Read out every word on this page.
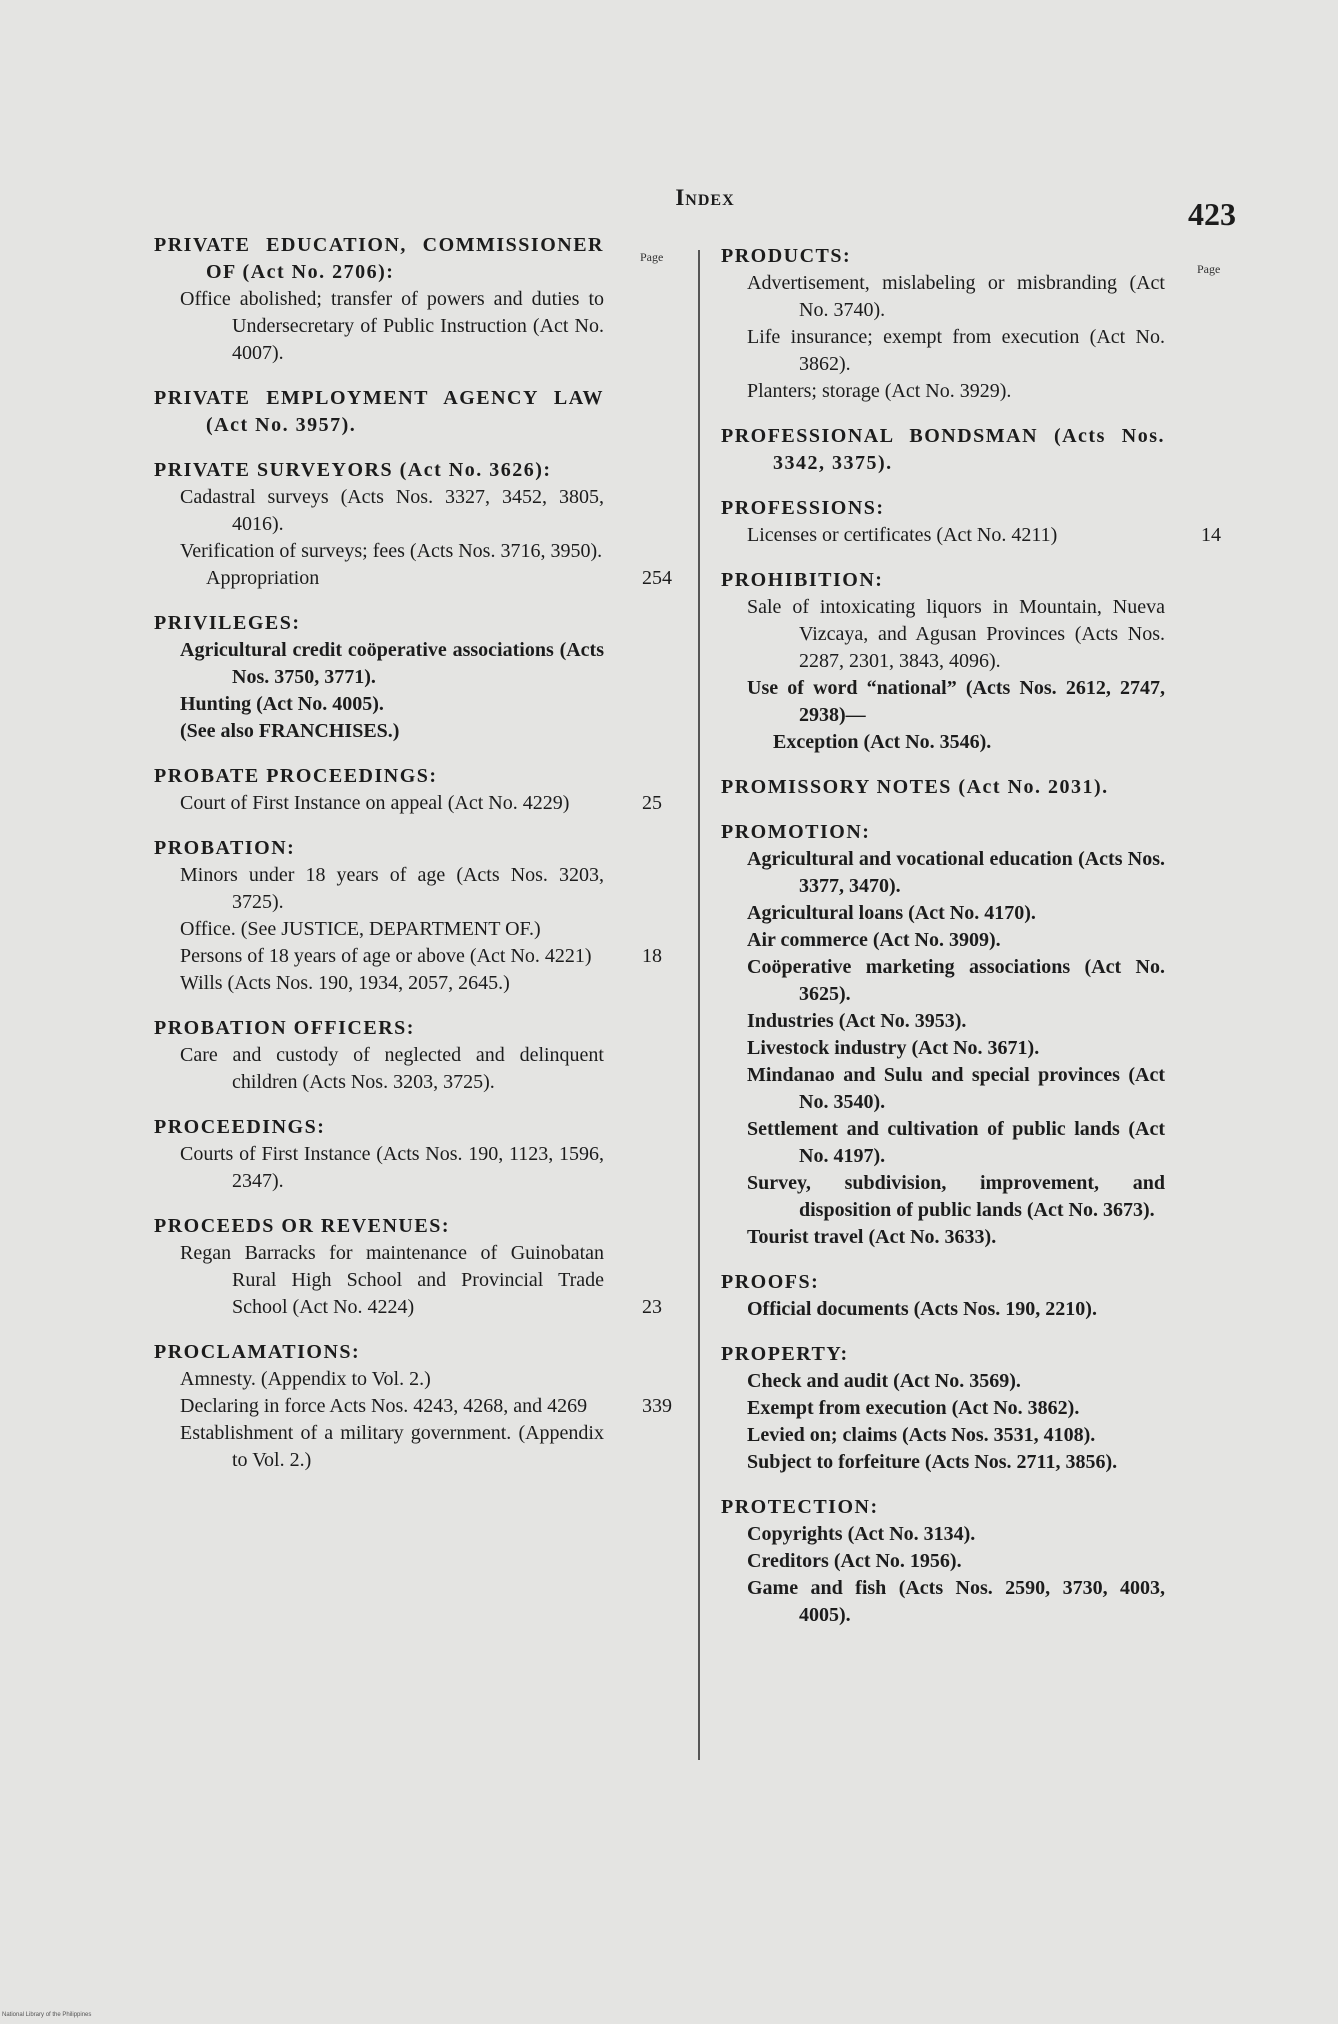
Index	423
Page
Page
PRIVATE EDUCATION, COMMISSIONER OF (Act No. 2706):
Office abolished; transfer of powers and duties to Undersecretary of Public Instruction (Act No. 4007).
PRIVATE EMPLOYMENT AGENCY LAW (Act No. 3957).
PRIVATE SURVEYORS (Act No. 3626):
Cadastral surveys (Acts Nos. 3327, 3452, 3805, 4016).
Verification of surveys; fees (Acts Nos. 3716, 3950).
Appropriation	254
PRIVILEGES:
Agricultural credit coöperative associations (Acts Nos. 3750, 3771).
Hunting (Act No. 4005).
(See also FRANCHISES.)
PROBATE PROCEEDINGS:
Court of First Instance on appeal (Act No. 4229)	25
PROBATION:
Minors under 18 years of age (Acts Nos. 3203, 3725).
Office. (See JUSTICE, DEPARTMENT OF.)
Persons of 18 years of age or above (Act No. 4221)	18
Wills (Acts Nos. 190, 1934, 2057, 2645.)
PROBATION OFFICERS:
Care and custody of neglected and delinquent children (Acts Nos. 3203, 3725).
PROCEEDINGS:
Courts of First Instance (Acts Nos. 190, 1123, 1596, 2347).
PROCEEDS OR REVENUES:
Regan Barracks for maintenance of Guinobatan Rural High School and Provincial Trade School (Act No. 4224)	23
PROCLAMATIONS:
Amnesty. (Appendix to Vol. 2.)
Declaring in force Acts Nos. 4243, 4268, and 4269	339
Establishment of a military government. (Appendix to Vol. 2.)
PRODUCTS:
Advertisement, mislabeling or misbranding (Act No. 3740).
Life insurance; exempt from execution (Act No. 3862).
Planters; storage (Act No. 3929).
PROFESSIONAL BONDSMAN (Acts Nos. 3342, 3375).
PROFESSIONS:
Licenses or certificates (Act No. 4211)	14
PROHIBITION:
Sale of intoxicating liquors in Mountain, Nueva Vizcaya, and Agusan Provinces (Acts Nos. 2287, 2301, 3843, 4096).
Use of word “national” (Acts Nos. 2612, 2747, 2938)—
Exception (Act No. 3546).
PROMISSORY NOTES (Act No. 2031).
PROMOTION:
Agricultural and vocational education (Acts Nos. 3377, 3470).
Agricultural loans (Act No. 4170).
Air commerce (Act No. 3909).
Coöperative marketing associations (Act No. 3625).
Industries (Act No. 3953).
Livestock industry (Act No. 3671).
Mindanao and Sulu and special provinces (Act No. 3540).
Settlement and cultivation of public lands (Act No. 4197).
Survey, subdivision, improvement, and disposition of public lands (Act No. 3673).
Tourist travel (Act No. 3633).
PROOFS:
Official documents (Acts Nos. 190, 2210).
PROPERTY:
Check and audit (Act No. 3569).
Exempt from execution (Act No. 3862).
Levied on; claims (Acts Nos. 3531, 4108).
Subject to forfeiture (Acts Nos. 2711, 3856).
PROTECTION:
Copyrights (Act No. 3134).
Creditors (Act No. 1956).
Game and fish (Acts Nos. 2590, 3730, 4003, 4005).
National Library of the Philippines
